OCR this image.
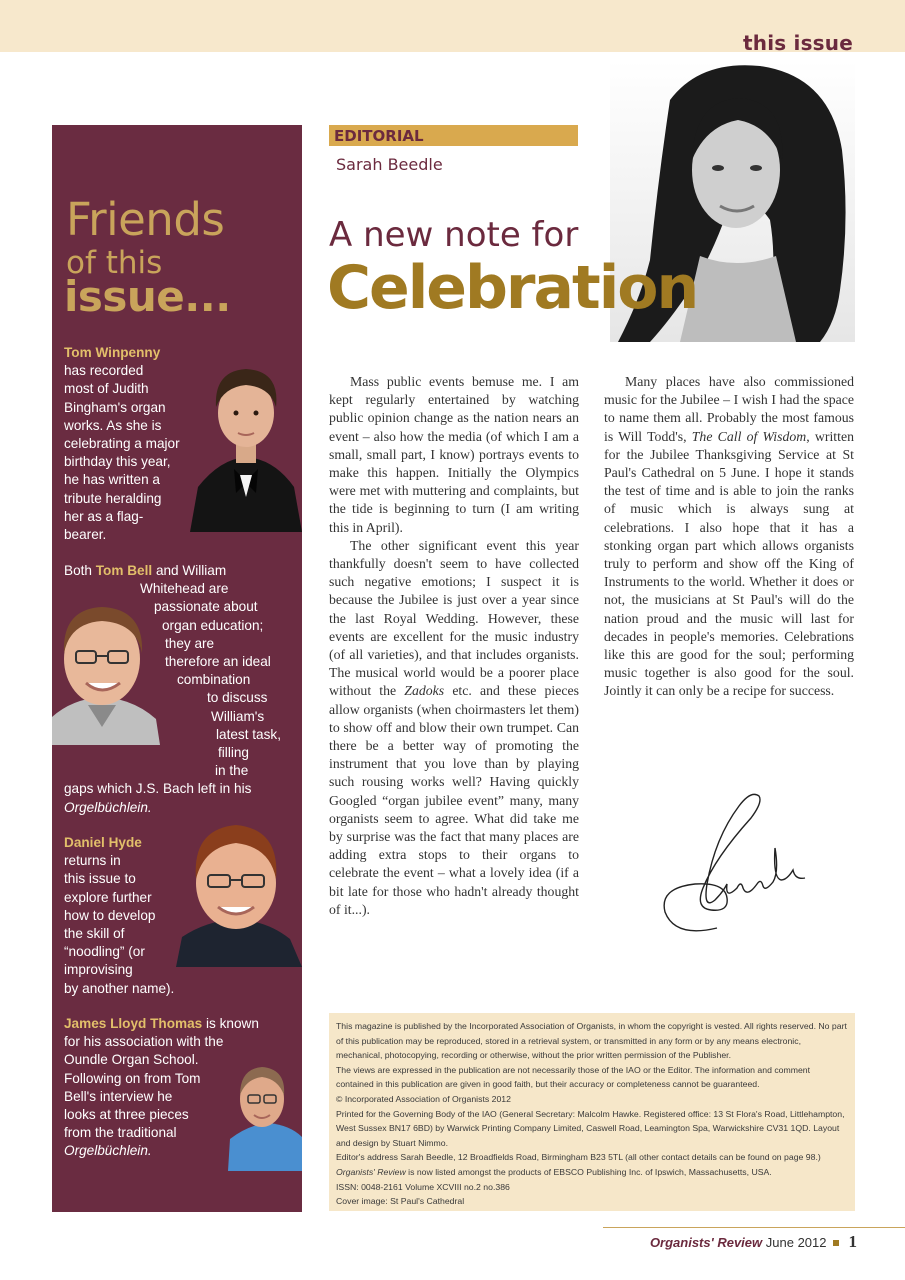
this issue
Friends
of this
issue...
Tom Winpenny
has recorded
most of Judith
Bingham's organ
works. As she is
celebrating a major
birthday this year,
he has written a
tribute heralding
her as a flag-
bearer.
Both Tom Bell and William
Whitehead are
passionate about
organ education;
they are
therefore an ideal
combination
to discuss
William's
latest task,
filling
in the
gaps which J.S. Bach left in his
Orgelbüchlein.
Daniel Hyde
returns in
this issue to
explore further
how to develop
the skill of
“noodling” (or
improvising
by another name).
James Lloyd Thomas is known
for his association with the
Oundle Organ School.
Following on from Tom
Bell's interview he
looks at three pieces
from the traditional
Orgelbüchlein.
EDITORIAL
Sarah Beedle
A new note for
Celebration

Mass public events bemuse me. I am kept regularly entertained by watching public opinion change as the nation nears an event – also how the media (of which I am a small, small part, I know) portrays events to make this happen. Initially the Olympics were met with muttering and complaints, but the tide is beginning to turn (I am writing this in April).

The other significant event this year thankfully doesn't seem to have collected such negative emotions; I suspect it is because the Jubilee is just over a year since the last Royal Wedding. However, these events are excellent for the music industry (of all varieties), and that includes organists. The musical world would be a poorer place without the Zadoks etc. and these pieces allow organists (when choirmasters let them) to show off and blow their own trumpet. Can there be a better way of promoting the instrument that you love than by playing such rousing works well? Having quickly Googled “organ jubilee event” many, many organists seem to agree. What did take me by surprise was the fact that many places are adding extra stops to their organs to celebrate the event – what a lovely idea (if a bit late for those who hadn't already thought of it...).

Many places have also commissioned music for the Jubilee – I wish I had the space to name them all. Probably the most famous is Will Todd's, The Call of Wisdom, written for the Jubilee Thanksgiving Service at St Paul's Cathedral on 5 June. I hope it stands the test of time and is able to join the ranks of music which is always sung at celebrations. I also hope that it has a stonking organ part which allows organists truly to perform and show off the King of Instruments to the world. Whether it does or not, the musicians at St Paul's will do the nation proud and the music will last for decades in people's memories. Celebrations like this are good for the soul; performing music together is also good for the soul. Jointly it can only be a recipe for success.

This magazine is published by the Incorporated Association of Organists, in whom the copyright is vested. All rights reserved. No part of this publication may be reproduced, stored in a retrieval system, or transmitted in any form or by any means electronic, mechanical, photocopying, recording or otherwise, without the prior written permission of the Publisher.

The views are expressed in the publication are not necessarily those of the IAO or the Editor. The information and comment contained in this publication are given in good faith, but their accuracy or completeness cannot be guaranteed.

© Incorporated Association of Organists 2012

Printed for the Governing Body of the IAO (General Secretary: Malcolm Hawke. Registered office: 13 St Flora's Road, Littlehampton, West Sussex BN17 6BD) by Warwick Printing Company Limited, Caswell Road, Leamington Spa, Warwickshire CV31 1QD. Layout and design by Stuart Nimmo.

Editor's address Sarah Beedle, 12 Broadfields Road, Birmingham B23 5TL (all other contact details can be found on page 98.)

Organists' Review is now listed amongst the products of EBSCO Publishing Inc. of Ipswich, Massachusetts, USA.

ISSN: 0048-2161 Volume XCVIII no.2 no.386

Cover image: St Paul's Cathedral

Organists' Review June 2012 1
